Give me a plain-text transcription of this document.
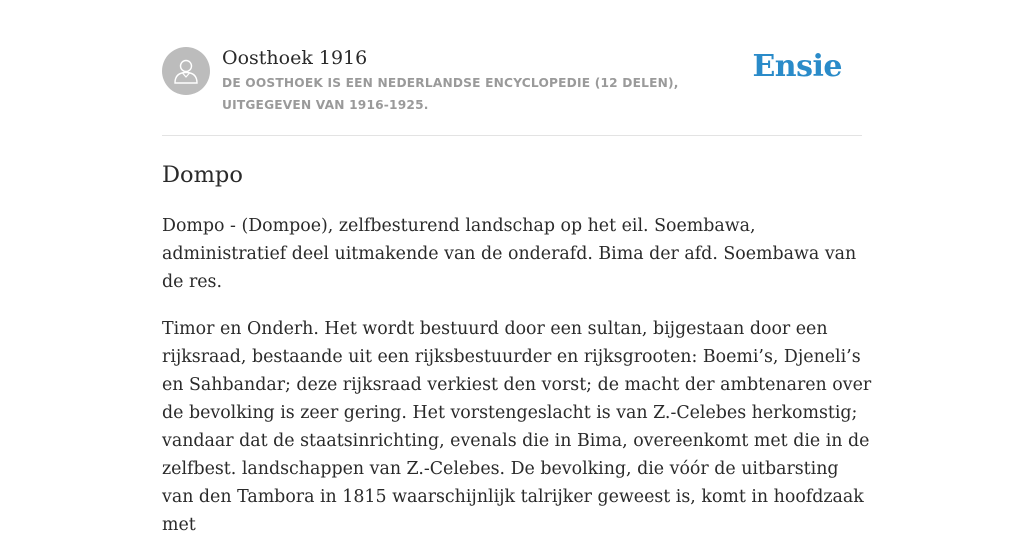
Oosthoek 1916
DE OOSTHOEK IS EEN NEDERLANDSE ENCYCLOPEDIE (12 DELEN), UITGEGEVEN VAN 1916-1925.
Ensie
Dompo

Dompo - (Dompoe), zelfbesturend landschap op het eil. Soembawa, administratief deel uitmakende van de onderafd. Bima der afd. Soembawa van de res.

Timor en Onderh. Het wordt bestuurd door een sultan, bijgestaan door een rijksraad, bestaande uit een rijksbestuurder en rijksgrooten: Boemi’s, Djeneli’s en Sahbandar; deze rijksraad verkiest den vorst; de macht der ambtenaren over de bevolking is zeer gering. Het vorstengeslacht is van Z.-Celebes herkomstig; vandaar dat de staatsinrichting, evenals die in Bima, overeenkomt met die in de zelfbest. landschappen van Z.-Celebes. De bevolking, die vóór de uitbarsting van den Tambora in 1815 waarschijnlijk talrijker geweest is, komt in hoofdzaak met
